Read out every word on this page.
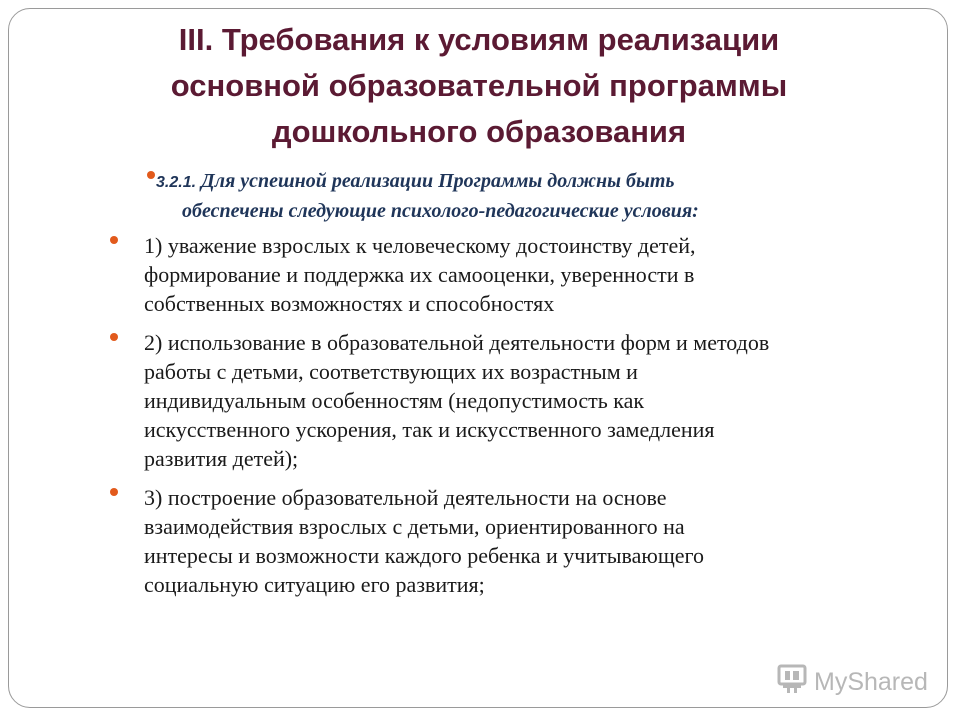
III. Требования к условиям реализации
основной образовательной программы
дошкольного образования
3.2.1. Для успешной реализации Программы должны быть
обеспечены следующие психолого-педагогические условия:
1) уважение взрослых к человеческому достоинству детей,
формирование и поддержка их самооценки, уверенности в
собственных возможностях и способностях
2) использование в образовательной деятельности форм и методов
работы с детьми, соответствующих их возрастным и
индивидуальным особенностям (недопустимость как
искусственного ускорения, так и искусственного замедления
развития детей);
3) построение образовательной деятельности на основе
взаимодействия взрослых с детьми, ориентированного на
интересы и возможности каждого ребенка и учитывающего
социальную ситуацию его развития;
MyShared
